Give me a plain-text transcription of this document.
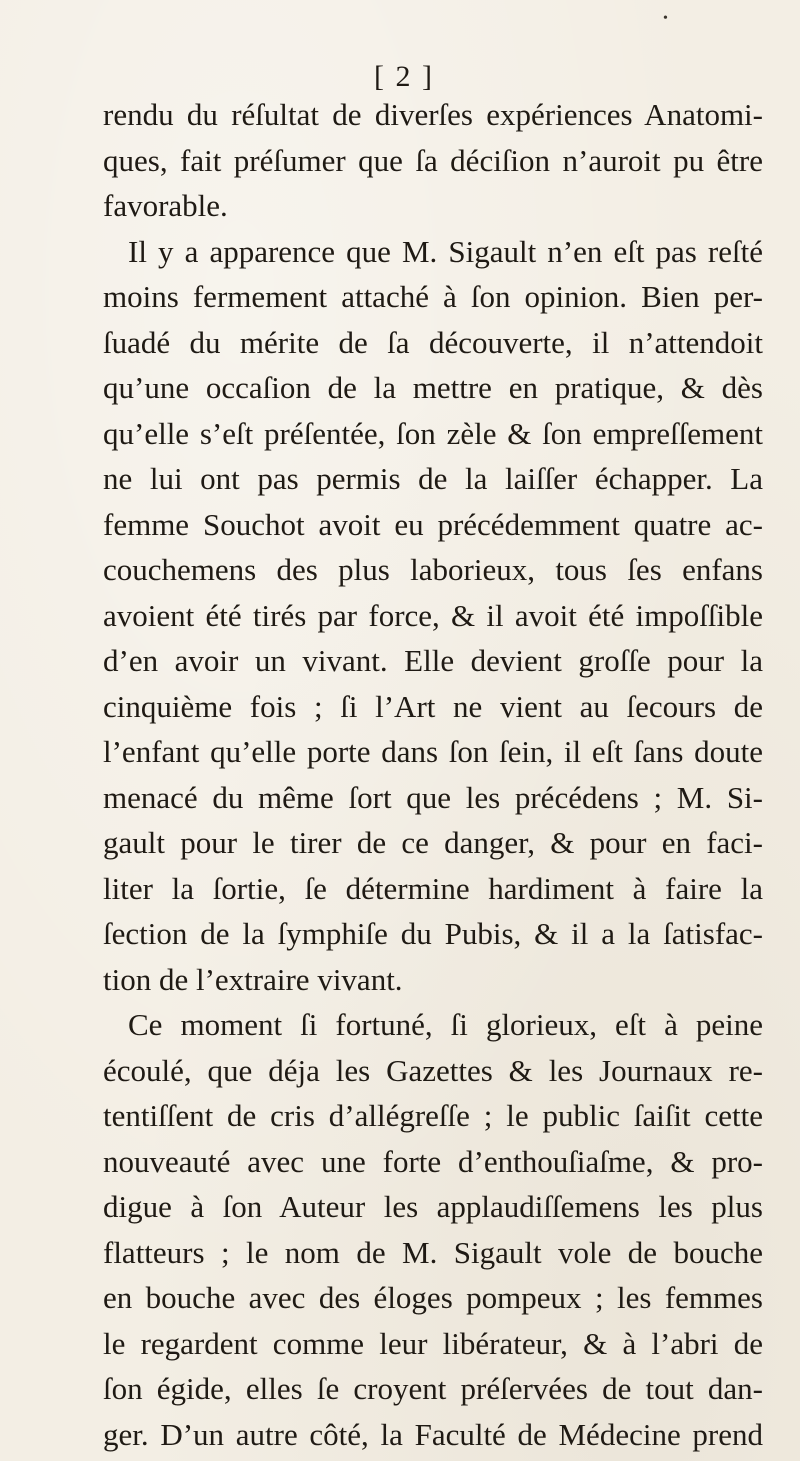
•
[ 2 ]
rendu du réſultat de diverſes expériences Anatomi-
ques, fait préſumer que ſa déciſion n’auroit pu être
favorable.
Il y a apparence que M. Sigault n’en eſt pas reſté
moins fermement attaché à ſon opinion. Bien per-
ſuadé du mérite de ſa découverte, il n’attendoit
qu’une occaſion de la mettre en pratique, & dès
qu’elle s’eſt préſentée, ſon zèle & ſon empreſſement
ne lui ont pas permis de la laiſſer échapper. La
femme Souchot avoit eu précédemment quatre ac-
couchemens des plus laborieux, tous ſes enfans
avoient été tirés par force, & il avoit été impoſſible
d’en avoir un vivant. Elle devient groſſe pour la
cinquième fois ; ſi l’Art ne vient au ſecours de
l’enfant qu’elle porte dans ſon ſein, il eſt ſans doute
menacé du même ſort que les précédens ; M. Si-
gault pour le tirer de ce danger, & pour en faci-
liter la ſortie, ſe détermine hardiment à faire la
ſection de la ſymphiſe du Pubis, & il a la ſatisfac-
tion de l’extraire vivant.
Ce moment ſi fortuné, ſi glorieux, eſt à peine
écoulé, que déja les Gazettes & les Journaux re-
tentiſſent de cris d’allégreſſe ; le public ſaiſit cette
nouveauté avec une forte d’enthouſiaſme, & pro-
digue à ſon Auteur les applaudiſſemens les plus
flatteurs ; le nom de M. Sigault vole de bouche
en bouche avec des éloges pompeux ; les femmes
le regardent comme leur libérateur, & à l’abri de
ſon égide, elles ſe croyent préſervées de tout dan-
ger. D’un autre côté, la Faculté de Médecine prend
